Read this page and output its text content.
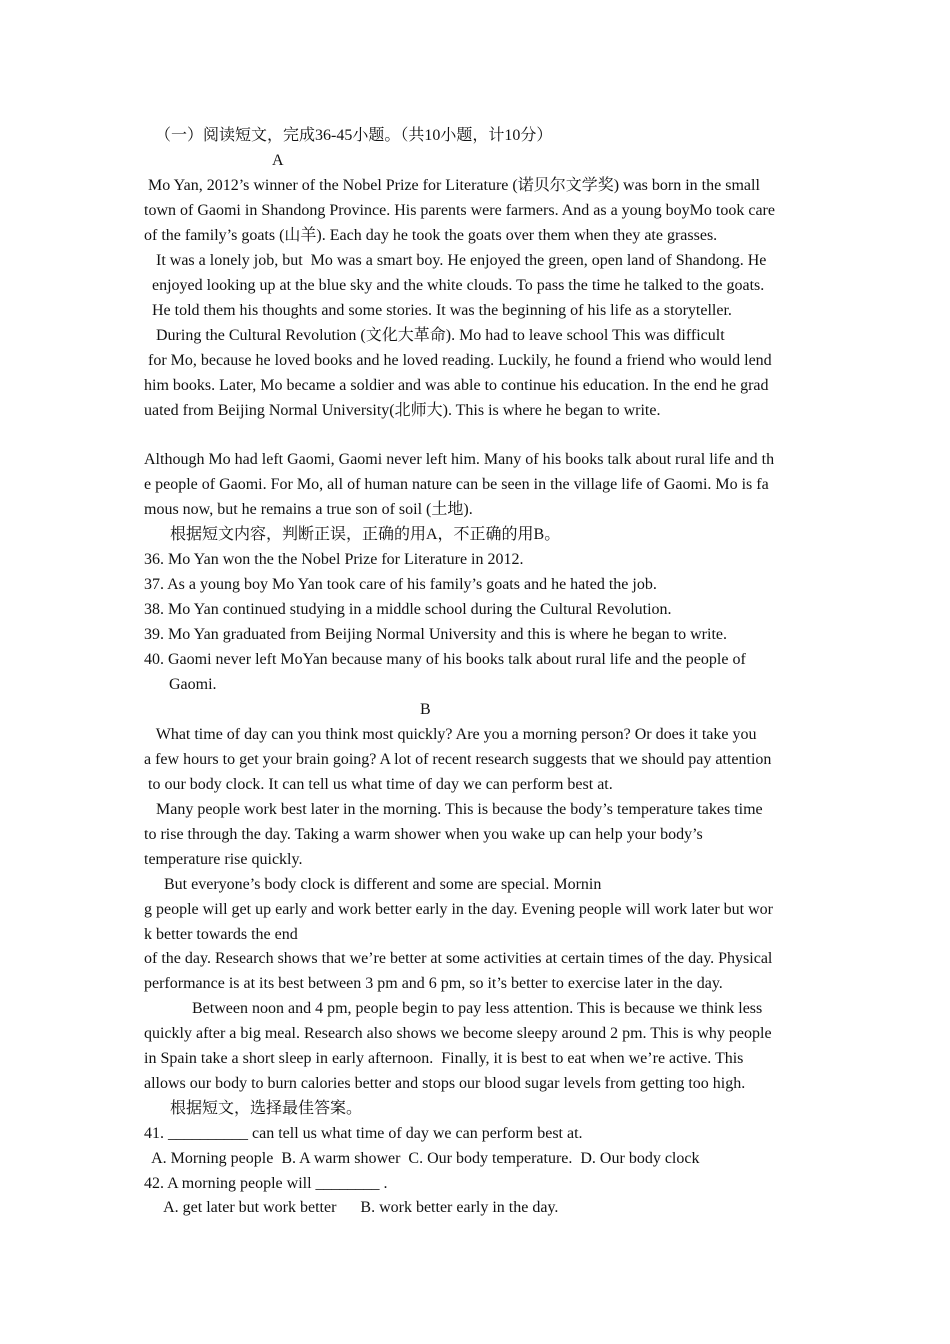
（一）阅读短文，完成36-45小题。（共10小题，计10分）
A
Mo Yan, 2012’s winner of the Nobel Prize for Literature (诺贝尔文学奖) was born in the small
town of Gaomi in Shandong Province. His parents were farmers. And as a young boyMo took care
of the family’s goats (山羊). Each day he took the goats over them when they ate grasses.
It was a lonely job, but  Mo was a smart boy. He enjoyed the green, open land of Shandong. He
enjoyed looking up at the blue sky and the white clouds. To pass the time he talked to the goats.
He told them his thoughts and some stories. It was the beginning of his life as a storyteller.
During the Cultural Revolution (文化大革命). Mo had to leave school This was difficult
for Mo, because he loved books and he loved reading. Luckily, he found a friend who would lend
him books. Later, Mo became a soldier and was able to continue his education. In the end he grad
uated from Beijing Normal University(北师大). This is where he began to write.
Although Mo had left Gaomi, Gaomi never left him. Many of his books talk about rural life and th
e people of Gaomi. For Mo, all of human nature can be seen in the village life of Gaomi. Mo is fa
mous now, but he remains a true son of soil (土地).
根据短文内容，判断正误，正确的用A，不正确的用B。
36. Mo Yan won the the Nobel Prize for Literature in 2012.
37. As a young boy Mo Yan took care of his family’s goats and he hated the job.
38. Mo Yan continued studying in a middle school during the Cultural Revolution.
39. Mo Yan graduated from Beijing Normal University and this is where he began to write.
40. Gaomi never left MoYan because many of his books talk about rural life and the people of
Gaomi.
B
What time of day can you think most quickly? Are you a morning person? Or does it take you
a few hours to get your brain going? A lot of recent research suggests that we should pay attention
to our body clock. It can tell us what time of day we can perform best at.
Many people work best later in the morning. This is because the body’s temperature takes time
to rise through the day. Taking a warm shower when you wake up can help your body’s
temperature rise quickly.
But everyone’s body clock is different and some are special. Mornin
g people will get up early and work better early in the day. Evening people will work later but wor
k better towards the end
of the day. Research shows that we’re better at some activities at certain times of the day. Physical
performance is at its best between 3 pm and 6 pm, so it’s better to exercise later in the day.
Between noon and 4 pm, people begin to pay less attention. This is because we think less
quickly after a big meal. Research also shows we become sleepy around 2 pm. This is why people
in Spain take a short sleep in early afternoon.  Finally, it is best to eat when we’re active. This
allows our body to burn calories better and stops our blood sugar levels from getting too high.
根据短文，选择最佳答案。
41. __________ can tell us what time of day we can perform best at.
A. Morning people  B. A warm shower  C. Our body temperature.  D. Our body clock
42. A morning people will ________ .
A. get later but work better      B. work better early in the day.
